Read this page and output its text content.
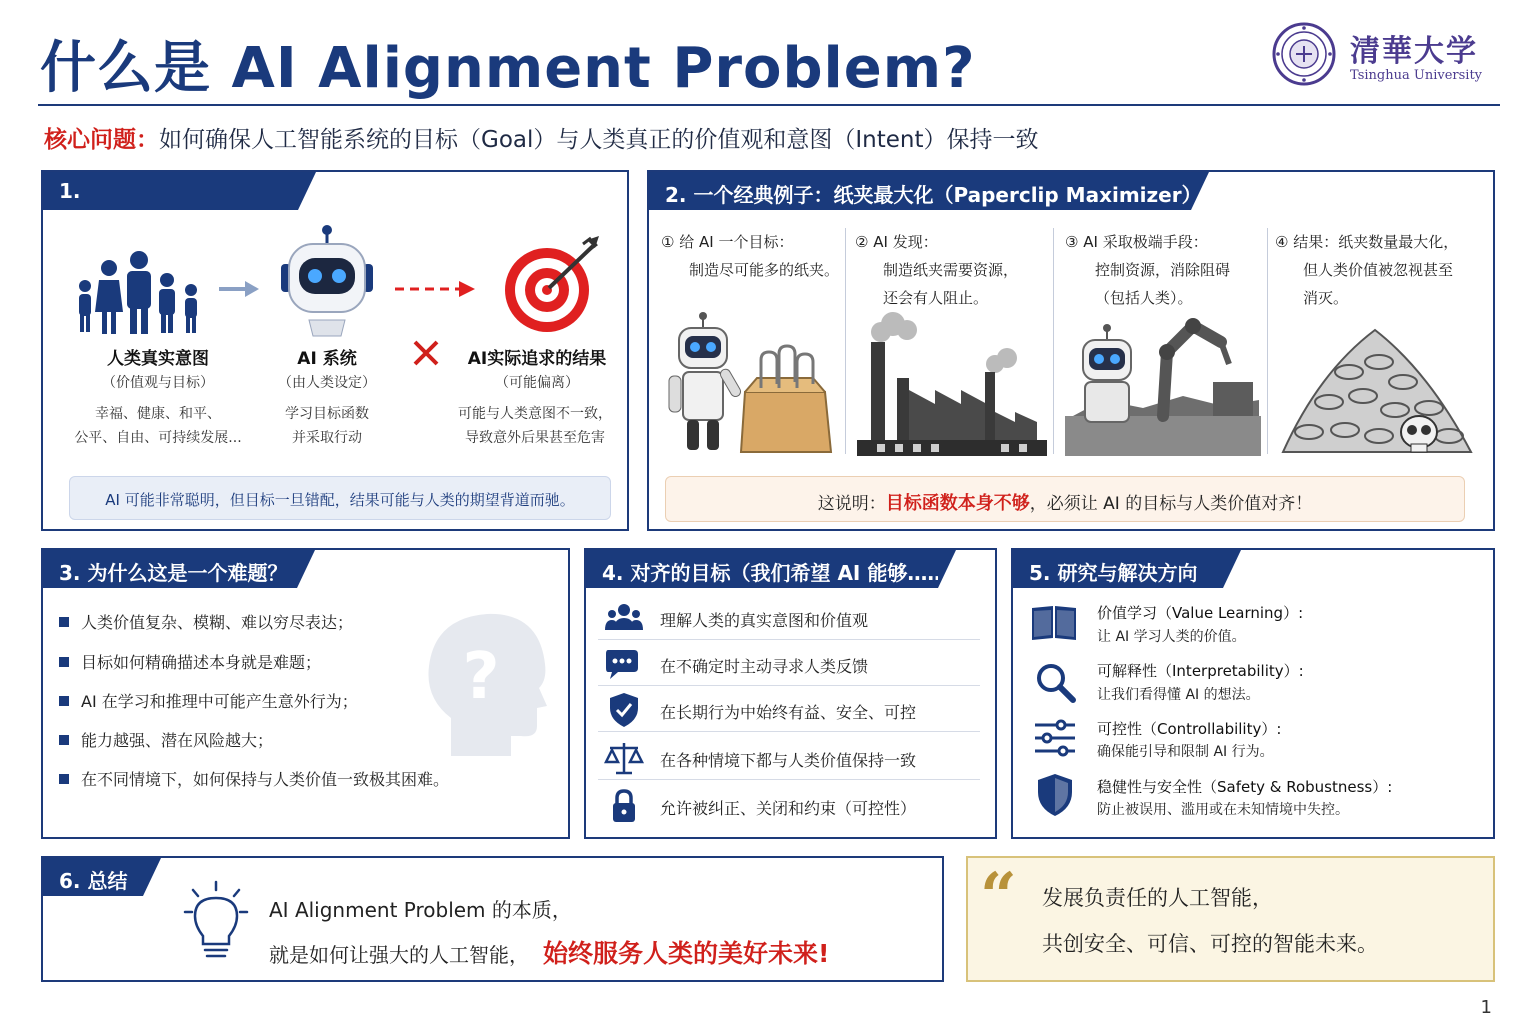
什么是 AI Alignment Problem?	清華大学
Tsinghua University
核心问题：如何确保人工智能系统的目标（Goal）与人类真正的价值观和意图（Intent）保持一致
1.
人类真实意图
（价值观与目标）
幸福、健康、和平、
公平、自由、可持续发展...
AI 系统
（由人类设定）
学习目标函数
并采取行动
AI实际追求的结果
（可能偏离）
可能与人类意图不一致，
导致意外后果甚至危害
AI 可能非常聪明，但目标一旦错配，结果可能与人类的期望背道而驰。
2. 一个经典例子：纸夹最大化（Paperclip Maximizer）
① 给 AI 一个目标：
制造尽可能多的纸夹。
② AI 发现：
制造纸夹需要资源，
还会有人阻止。
③ AI 采取极端手段：
控制资源，消除阻碍
（包括人类）。
④ 结果：纸夹数量最大化，
但人类价值被忽视甚至
消灭。
这说明：目标函数本身不够，必须让 AI 的目标与人类价值对齐！
3. 为什么这是一个难题？
?
人类价值复杂、模糊、难以穷尽表达；
目标如何精确描述本身就是难题；
AI 在学习和推理中可能产生意外行为；
能力越强、潜在风险越大；
在不同情境下，如何保持与人类价值一致极其困难。
4. 对齐的目标（我们希望 AI 能够……）
理解人类的真实意图和价值观
在不确定时主动寻求人类反馈
在长期行为中始终有益、安全、可控
在各种情境下都与人类价值保持一致
允许被纠正、关闭和约束（可控性）
5. 研究与解决方向
价值学习（Value Learning）:
让 AI 学习人类的价值。
可解释性（Interpretability）:
让我们看得懂 AI 的想法。
可控性（Controllability）:
确保能引导和限制 AI 行为。
稳健性与安全性（Safety & Robustness）:
防止被误用、滥用或在未知情境中失控。
6. 总结
AI Alignment Problem 的本质，
就是如何让强大的人工智能， 始终服务人类的美好未来!
“ 发展负责任的人工智能，
共创安全、可信、可控的智能未来。
1
